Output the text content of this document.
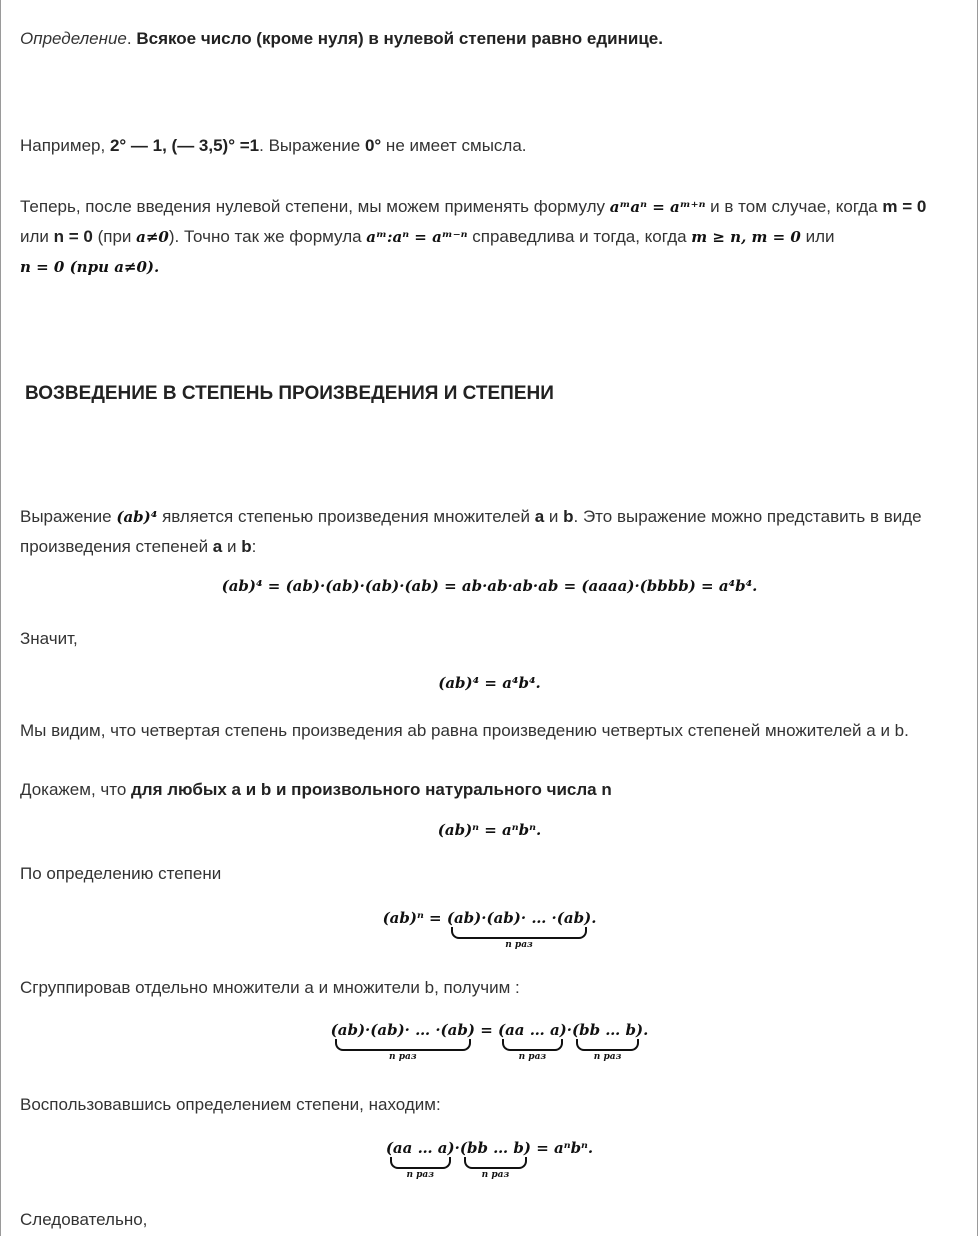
Определение. Всякое число (кроме нуля) в нулевой степени равно единице.
Например, 2° — 1, (— 3,5)° =1. Выражение 0° не имеет смысла.
Теперь, после введения нулевой степени, мы можем применять формулу aᵐaⁿ = aᵐ⁺ⁿ и в том случае, когда m = 0
или n = 0 (при a≠0). Точно так же формула aᵐ:aⁿ = aᵐ⁻ⁿ справедлива и тогда, когда m ≥ n, m = 0 или
n = 0 (при a≠0).
ВОЗВЕДЕНИЕ В СТЕПЕНЬ ПРОИЗВЕДЕНИЯ И СТЕПЕНИ
Выражение (ab)⁴ является степенью произведения множителей a и b. Это выражение можно представить в виде
произведения степеней a и b:
(ab)⁴ = (ab)·(ab)·(ab)·(ab) = ab·ab·ab·ab = (aaaa)·(bbbb) = a⁴b⁴.
Значит,
(ab)⁴ = a⁴b⁴.
Мы видим, что четвертая степень произведения ab равна произведению четвертых степеней множителей a и b.
Докажем, что для любых a и b и произвольного натурального числа n
(ab)ⁿ = aⁿbⁿ.
По определению степени
(ab)ⁿ = (ab)·(ab)· … ·(ab)
n раз
.
Сгруппировав отдельно множители a и множители b, получим :
(ab)·(ab)· … ·(ab)
n раз
= (aa … a)
n раз
·(bb … b)
n раз
.
Воспользовавшись определением степени, находим:
(aa … a)
n раз
·(bb … b)
n раз
= aⁿbⁿ.
Следовательно,
